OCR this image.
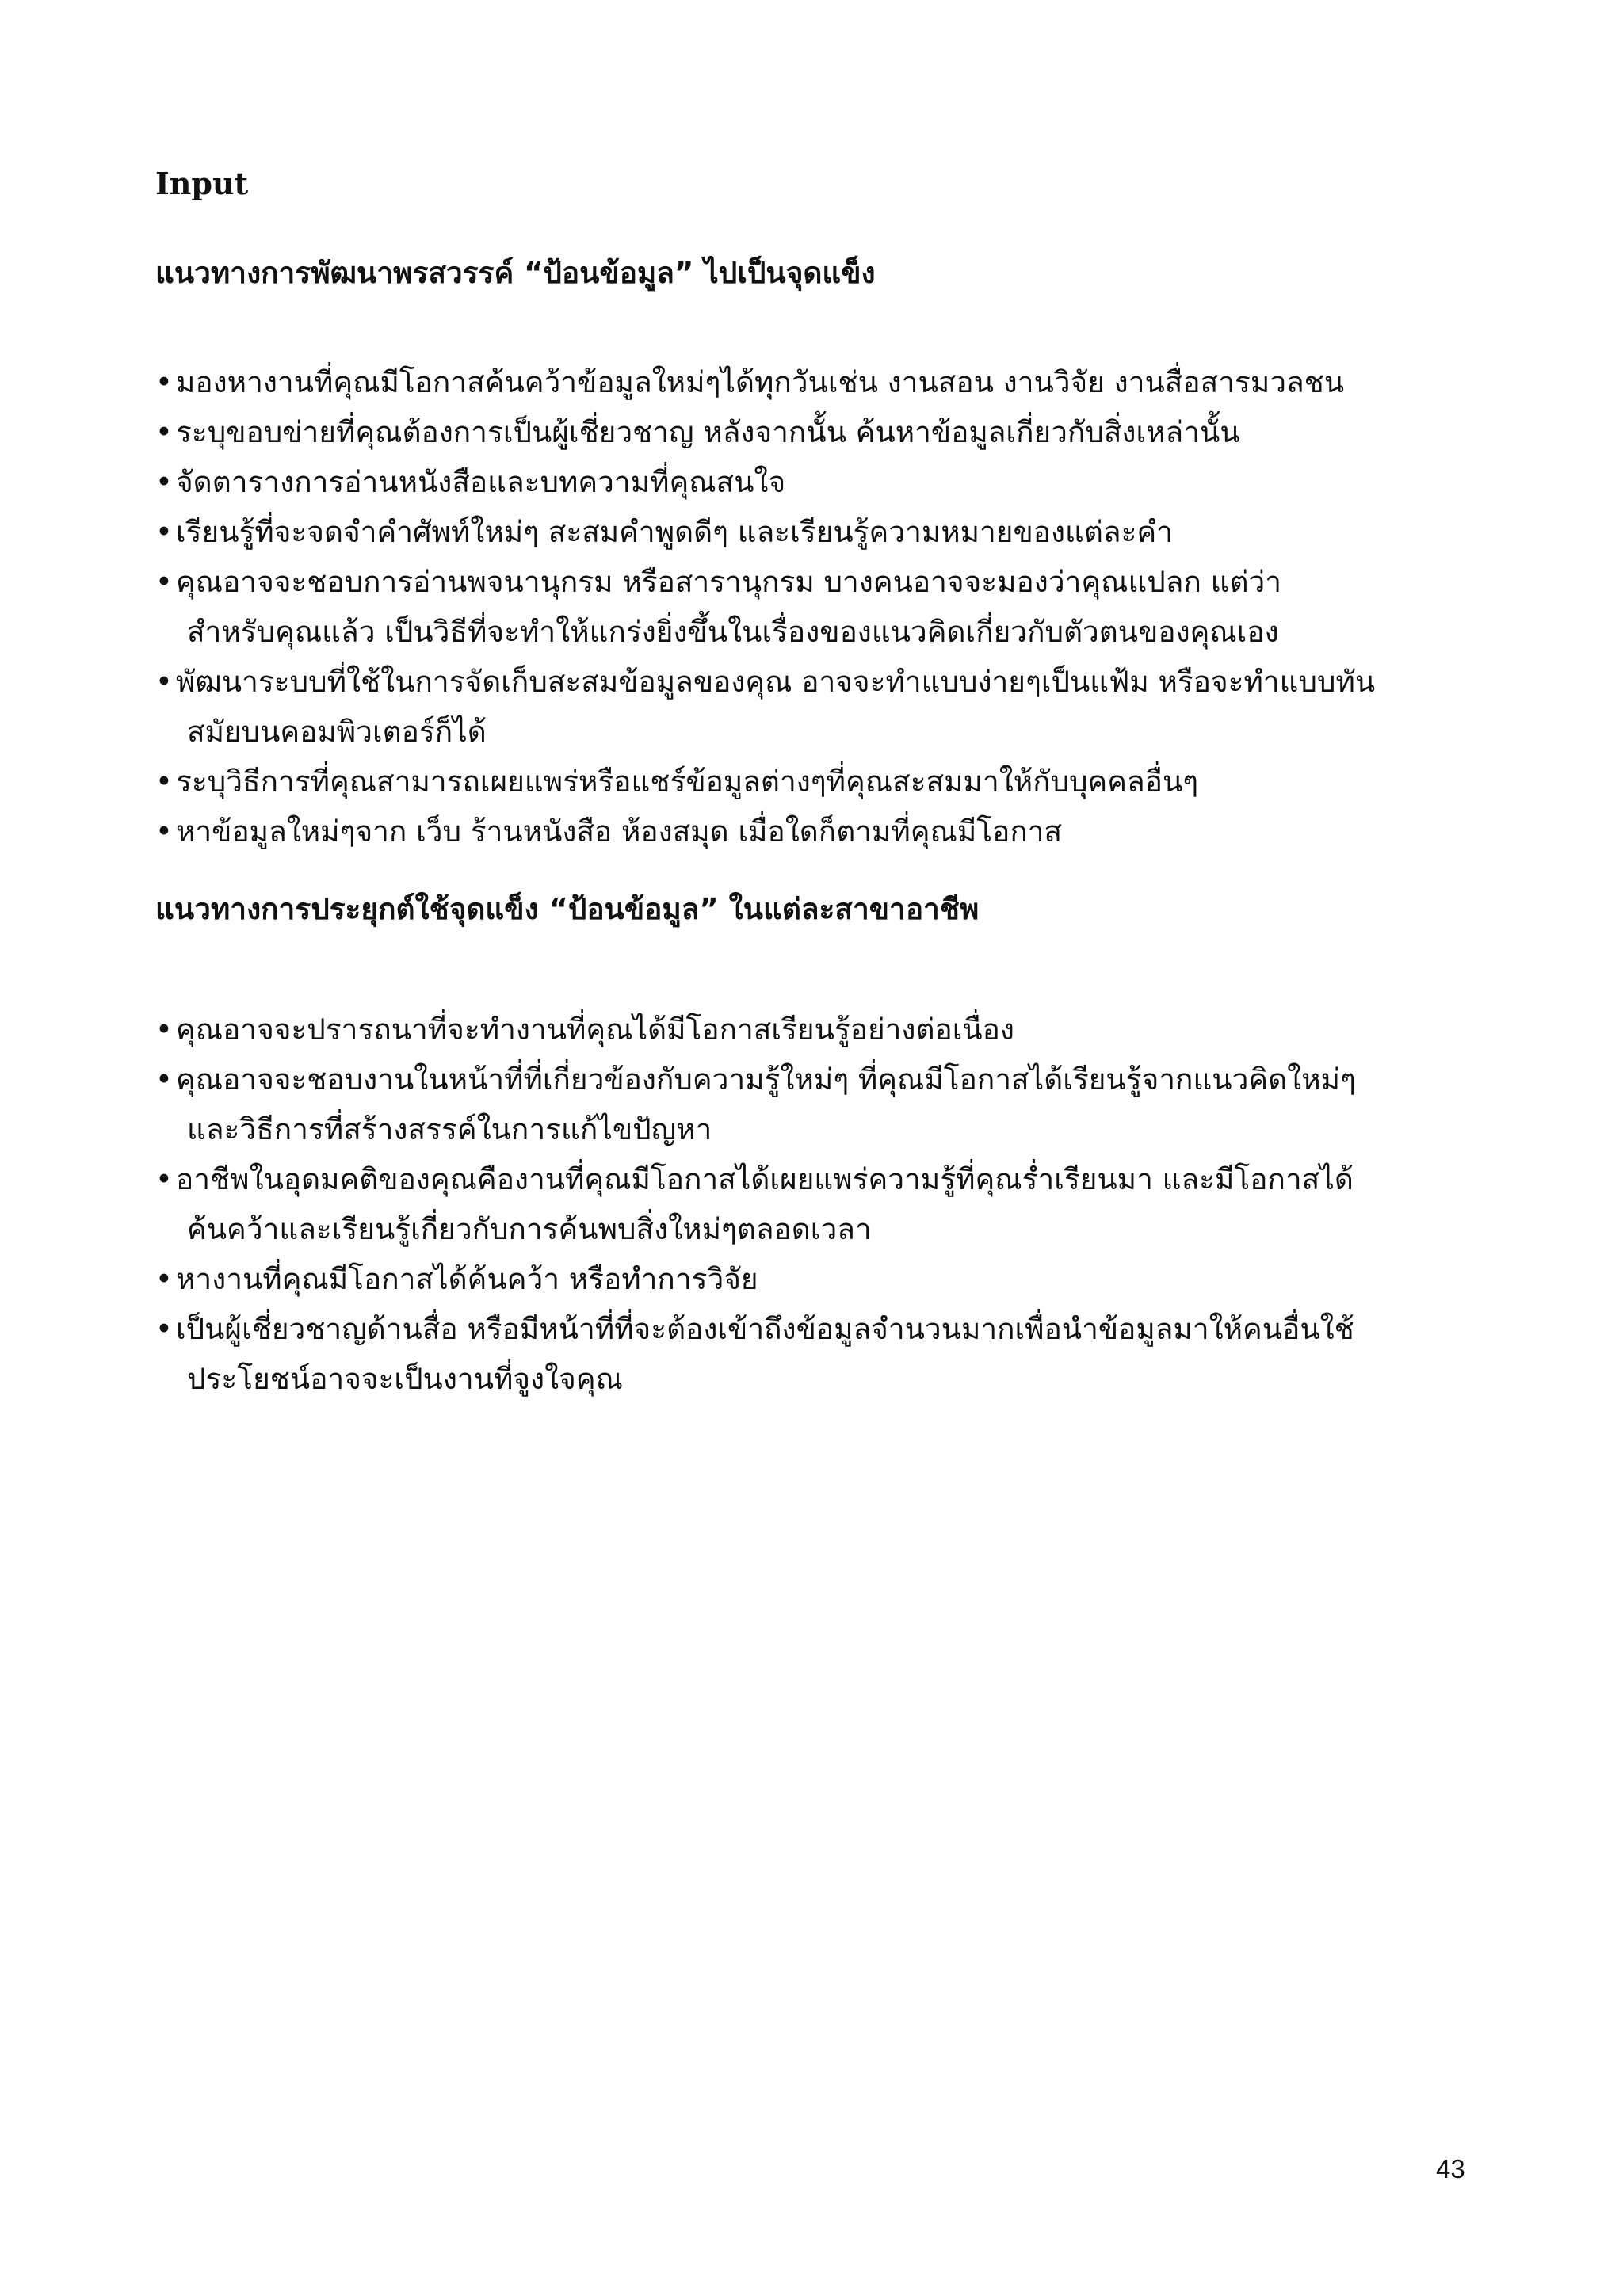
Input
แนวทางการพัฒนาพรสวรรค์ “ป้อนข้อมูล” ไปเป็นจุดแข็ง
• มองหางานที่คุณมีโอกาสค้นคว้าข้อมูลใหม่ๆได้ทุกวันเช่น งานสอน งานวิจัย งานสื่อสารมวลชน
• ระบุขอบข่ายที่คุณต้องการเป็นผู้เชี่ยวชาญ หลังจากนั้น ค้นหาข้อมูลเกี่ยวกับสิ่งเหล่านั้น
• จัดตารางการอ่านหนังสือและบทความที่คุณสนใจ
• เรียนรู้ที่จะจดจำคำศัพท์ใหม่ๆ สะสมคำพูดดีๆ และเรียนรู้ความหมายของแต่ละคำ
• คุณอาจจะชอบการอ่านพจนานุกรม หรือสารานุกรม บางคนอาจจะมองว่าคุณแปลก แต่ว่า
สำหรับคุณแล้ว เป็นวิธีที่จะทำให้แกร่งยิ่งขึ้นในเรื่องของแนวคิดเกี่ยวกับตัวตนของคุณเอง
• พัฒนาระบบที่ใช้ในการจัดเก็บสะสมข้อมูลของคุณ อาจจะทำแบบง่ายๆเป็นแฟ้ม หรือจะทำแบบทัน
สมัยบนคอมพิวเตอร์ก็ได้
• ระบุวิธีการที่คุณสามารถเผยแพร่หรือแชร์ข้อมูลต่างๆที่คุณสะสมมาให้กับบุคคลอื่นๆ
• หาข้อมูลใหม่ๆจาก เว็บ ร้านหนังสือ ห้องสมุด เมื่อใดก็ตามที่คุณมีโอกาส
แนวทางการประยุกต์ใช้จุดแข็ง “ป้อนข้อมูล” ในแต่ละสาขาอาชีพ
• คุณอาจจะปรารถนาที่จะทำงานที่คุณได้มีโอกาสเรียนรู้อย่างต่อเนื่อง
• คุณอาจจะชอบงานในหน้าที่ที่เกี่ยวข้องกับความรู้ใหม่ๆ ที่คุณมีโอกาสได้เรียนรู้จากแนวคิดใหม่ๆ
และวิธีการที่สร้างสรรค์ในการแก้ไขปัญหา
• อาชีพในอุดมคติของคุณคืองานที่คุณมีโอกาสได้เผยแพร่ความรู้ที่คุณร่ำเรียนมา และมีโอกาสได้
ค้นคว้าและเรียนรู้เกี่ยวกับการค้นพบสิ่งใหม่ๆตลอดเวลา
• หางานที่คุณมีโอกาสได้ค้นคว้า หรือทำการวิจัย
• เป็นผู้เชี่ยวชาญด้านสื่อ หรือมีหน้าที่ที่จะต้องเข้าถึงข้อมูลจำนวนมากเพื่อนำข้อมูลมาให้คนอื่นใช้
ประโยชน์อาจจะเป็นงานที่จูงใจคุณ
43
